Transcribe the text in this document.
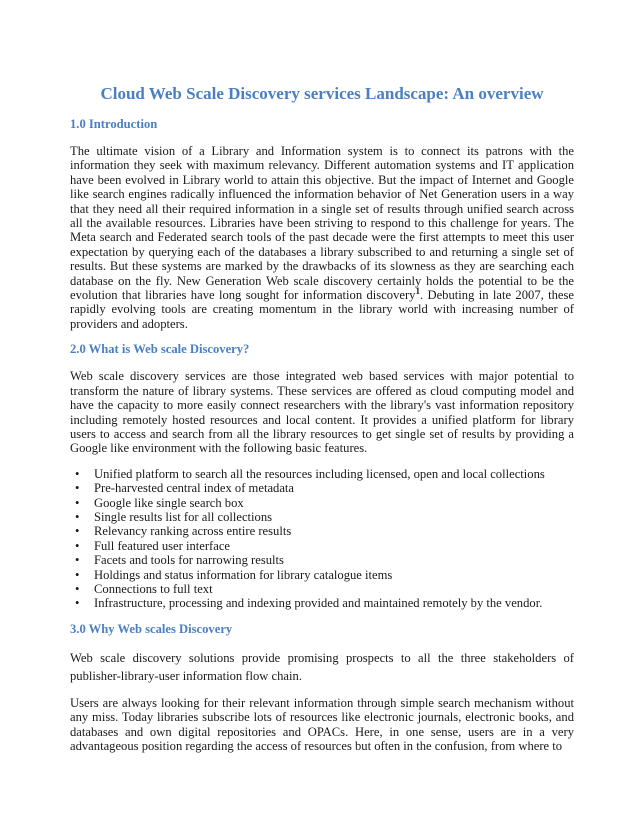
Cloud Web Scale Discovery services Landscape: An overview
1.0 Introduction

The ultimate vision of a Library and Information system is to connect its patrons with the information they seek with maximum relevancy. Different automation systems and IT application have been evolved in Library world to attain this objective. But the impact of Internet and Google like search engines radically influenced the information behavior of Net Generation users in a way that they need all their required information in a single set of results through unified search across all the available resources. Libraries have been striving to respond to this challenge for years. The Meta search and Federated search tools of the past decade were the first attempts to meet this user expectation by querying each of the databases a library subscribed to and returning a single set of results. But these systems are marked by the drawbacks of its slowness as they are searching each database on the fly. New Generation Web scale discovery certainly holds the potential to be the evolution that libraries have long sought for information discovery$^1$. Debuting in late 2007, these rapidly evolving tools are creating momentum in the library world with increasing number of providers and adopters.

2.0 What is Web scale Discovery?

Web scale discovery services are those integrated web based services with major potential to transform the nature of library systems. These services are offered as cloud computing model and have the capacity to more easily connect researchers with the library's vast information repository including remotely hosted resources and local content. It provides a unified platform for library users to access and search from all the library resources to get single set of results by providing a Google like environment with the following basic features.

• Unified platform to search all the resources including licensed, open and local collections
• Pre-harvested central index of metadata
• Google like single search box
• Single results list for all collections
• Relevancy ranking across entire results
• Full featured user interface
• Facets and tools for narrowing results
• Holdings and status information for library catalogue items
• Connections to full text
• Infrastructure, processing and indexing provided and maintained remotely by the vendor.
3.0 Why Web scales Discovery

Web scale discovery solutions provide promising prospects to all the three stakeholders of publisher-library-user information flow chain.

Users are always looking for their relevant information through simple search mechanism without any miss. Today libraries subscribe lots of resources like electronic journals, electronic books, and databases and own digital repositories and OPACs. Here, in one sense, users are in a very advantageous position regarding the access of resources but often in the confusion, from where to
